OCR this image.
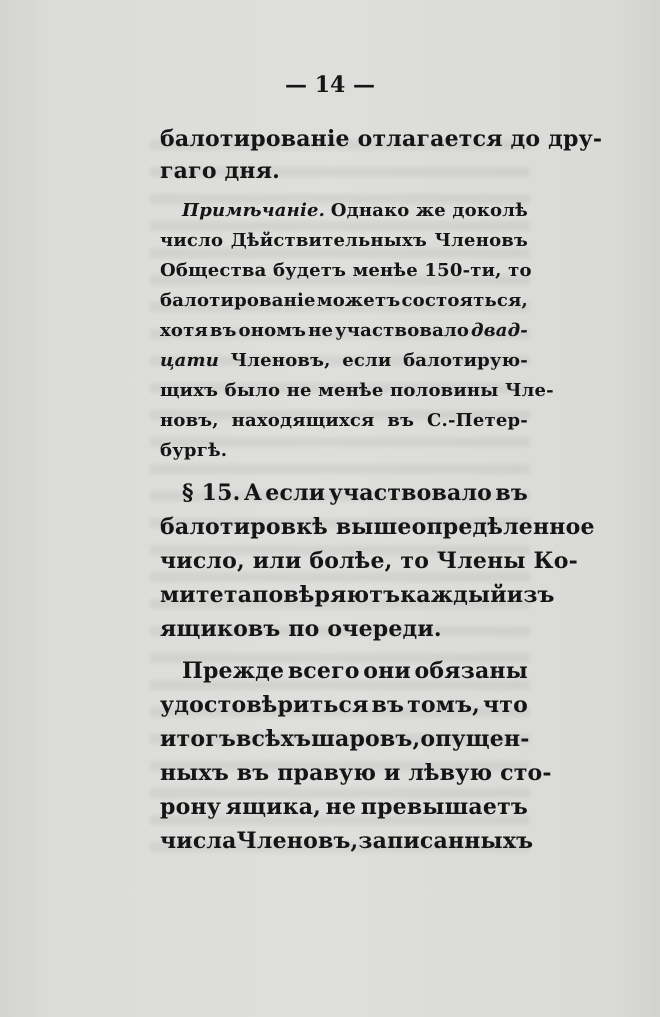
— 14 —
балотированіе отлагается до дру-
гаго дня.
Примѣчаніе. Однако же доколѣ
число Дѣйствительныхъ Членовъ
Общества будетъ менѣе 150-ти, то
балотированіе можетъ состояться,
хотя въ ономъ не участвовало двад-
цати Членовъ, если балотирую-
щихъ было не менѣе половины Чле-
новъ, находящихся въ С.-Петер-
бургѣ.
§ 15. А если участвовало въ
балотировкѣ вышеопредѣленное
число, или болѣе, то Члены Ко-
митета повѣряютъ каждый изъ
ящиковъ по очереди.
Прежде всего они обязаны
удостовѣриться въ томъ, что
итогъ всѣхъ шаровъ, опущен-
ныхъ въ правую и лѣвую сто-
рону ящика, не превышаетъ
числа Членовъ, записанныхъ
